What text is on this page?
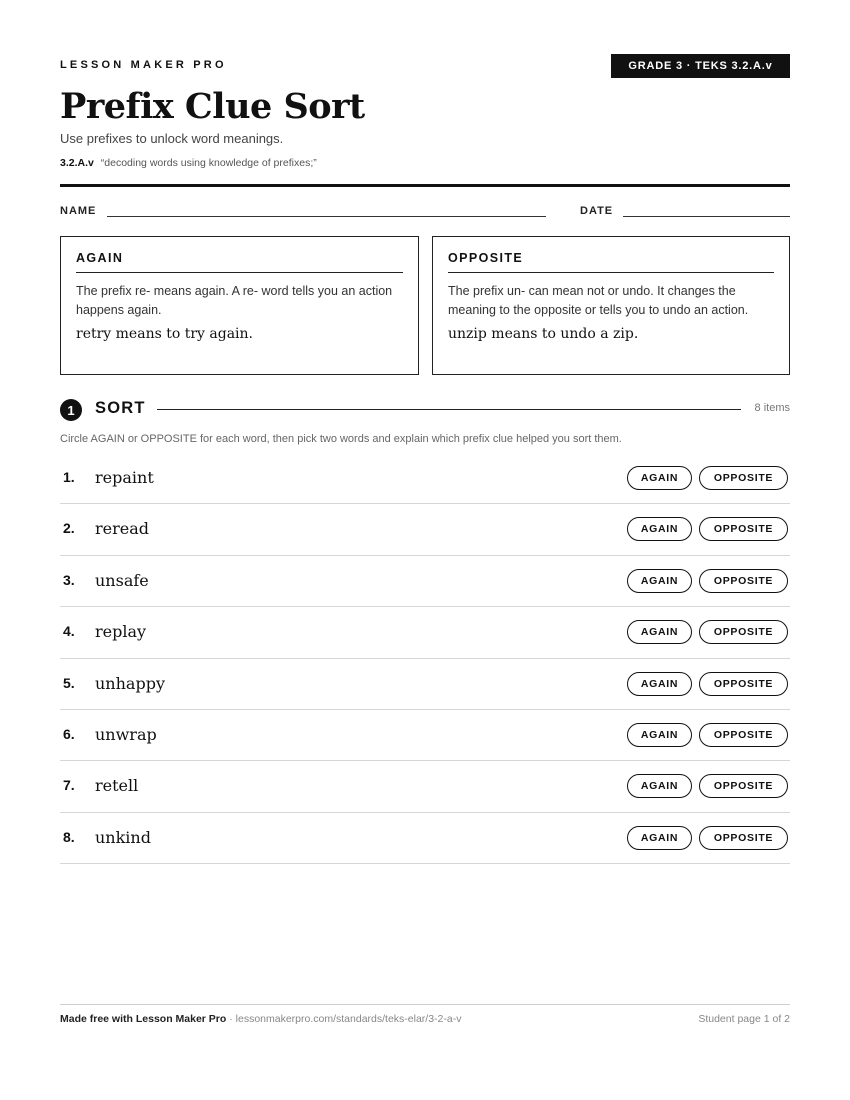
LESSON MAKER PRO	GRADE 3 · TEKS 3.2.A.v
Prefix Clue Sort
Use prefixes to unlock word meanings.
3.2.A.v “decoding words using knowledge of prefixes;”
NAME	DATE
AGAIN
The prefix re- means again. A re- word tells you an action happens again.
retry means to try again.
OPPOSITE
The prefix un- can mean not or undo. It changes the meaning to the opposite or tells you to undo an action.
unzip means to undo a zip.
1	SORT	8 items
Circle AGAIN or OPPOSITE for each word, then pick two words and explain which prefix clue helped you sort them.
1. repaint	AGAIN	OPPOSITE
2. reread	AGAIN	OPPOSITE
3. unsafe	AGAIN	OPPOSITE
4. replay	AGAIN	OPPOSITE
5. unhappy	AGAIN	OPPOSITE
6. unwrap	AGAIN	OPPOSITE
7. retell	AGAIN	OPPOSITE
8. unkind	AGAIN	OPPOSITE
Made free with Lesson Maker Pro · lessonmakerpro.com/standards/teks-elar/3-2-a-v	Student page 1 of 2
